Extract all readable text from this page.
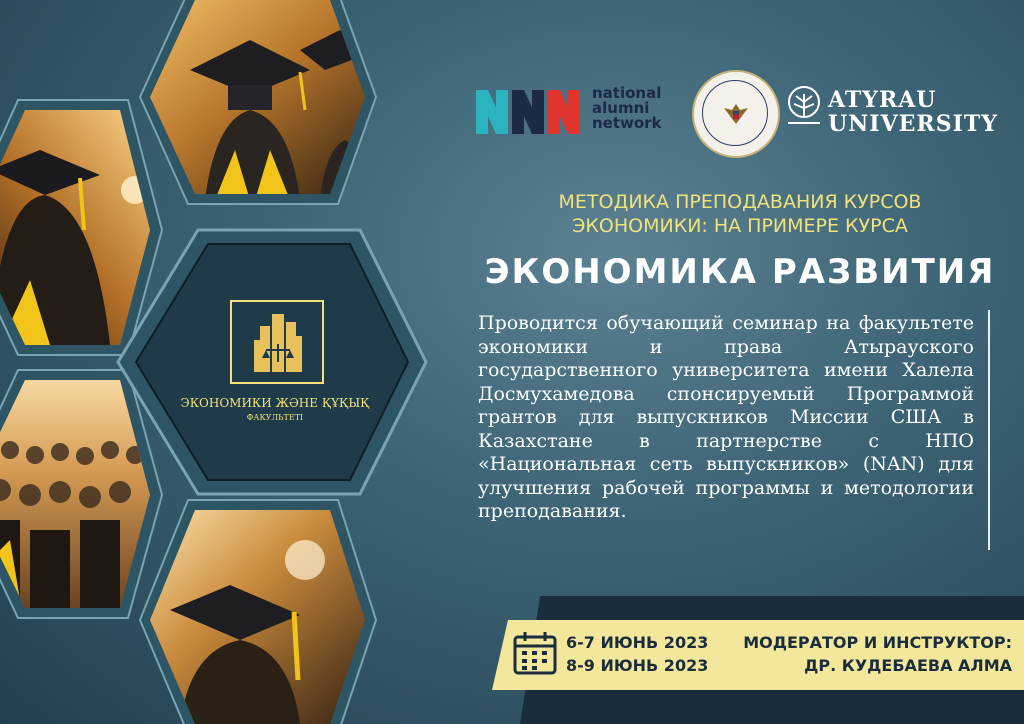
national
alumni
network
ATYRAU
UNIVERSITY
МЕТОДИКА ПРЕПОДАВАНИЯ КУРСОВ
ЭКОНОМИКИ: НА ПРИМЕРЕ КУРСА
ЭКОНОМИКА РАЗВИТИЯ
Проводится обучающий семинар на факультете экономики и права Атырауского государственного университета имени Халела Досмухамедова спонсируемый Программой грантов для выпускников Миссии США в Казахстане в партнерстве с НПО «Национальная сеть выпускников» (NAN) для улучшения рабочей программы и методологии преподавания.
ЭКОНОМИКИ ЖӘНЕ ҚҰҚЫҚ
ФАКУЛЬТЕТІ
6-7 ИЮНЬ 2023
8-9 ИЮНЬ 2023
МОДЕРАТОР И ИНСТРУКТОР:
ДР. КУДЕБАЕВА АЛМА
